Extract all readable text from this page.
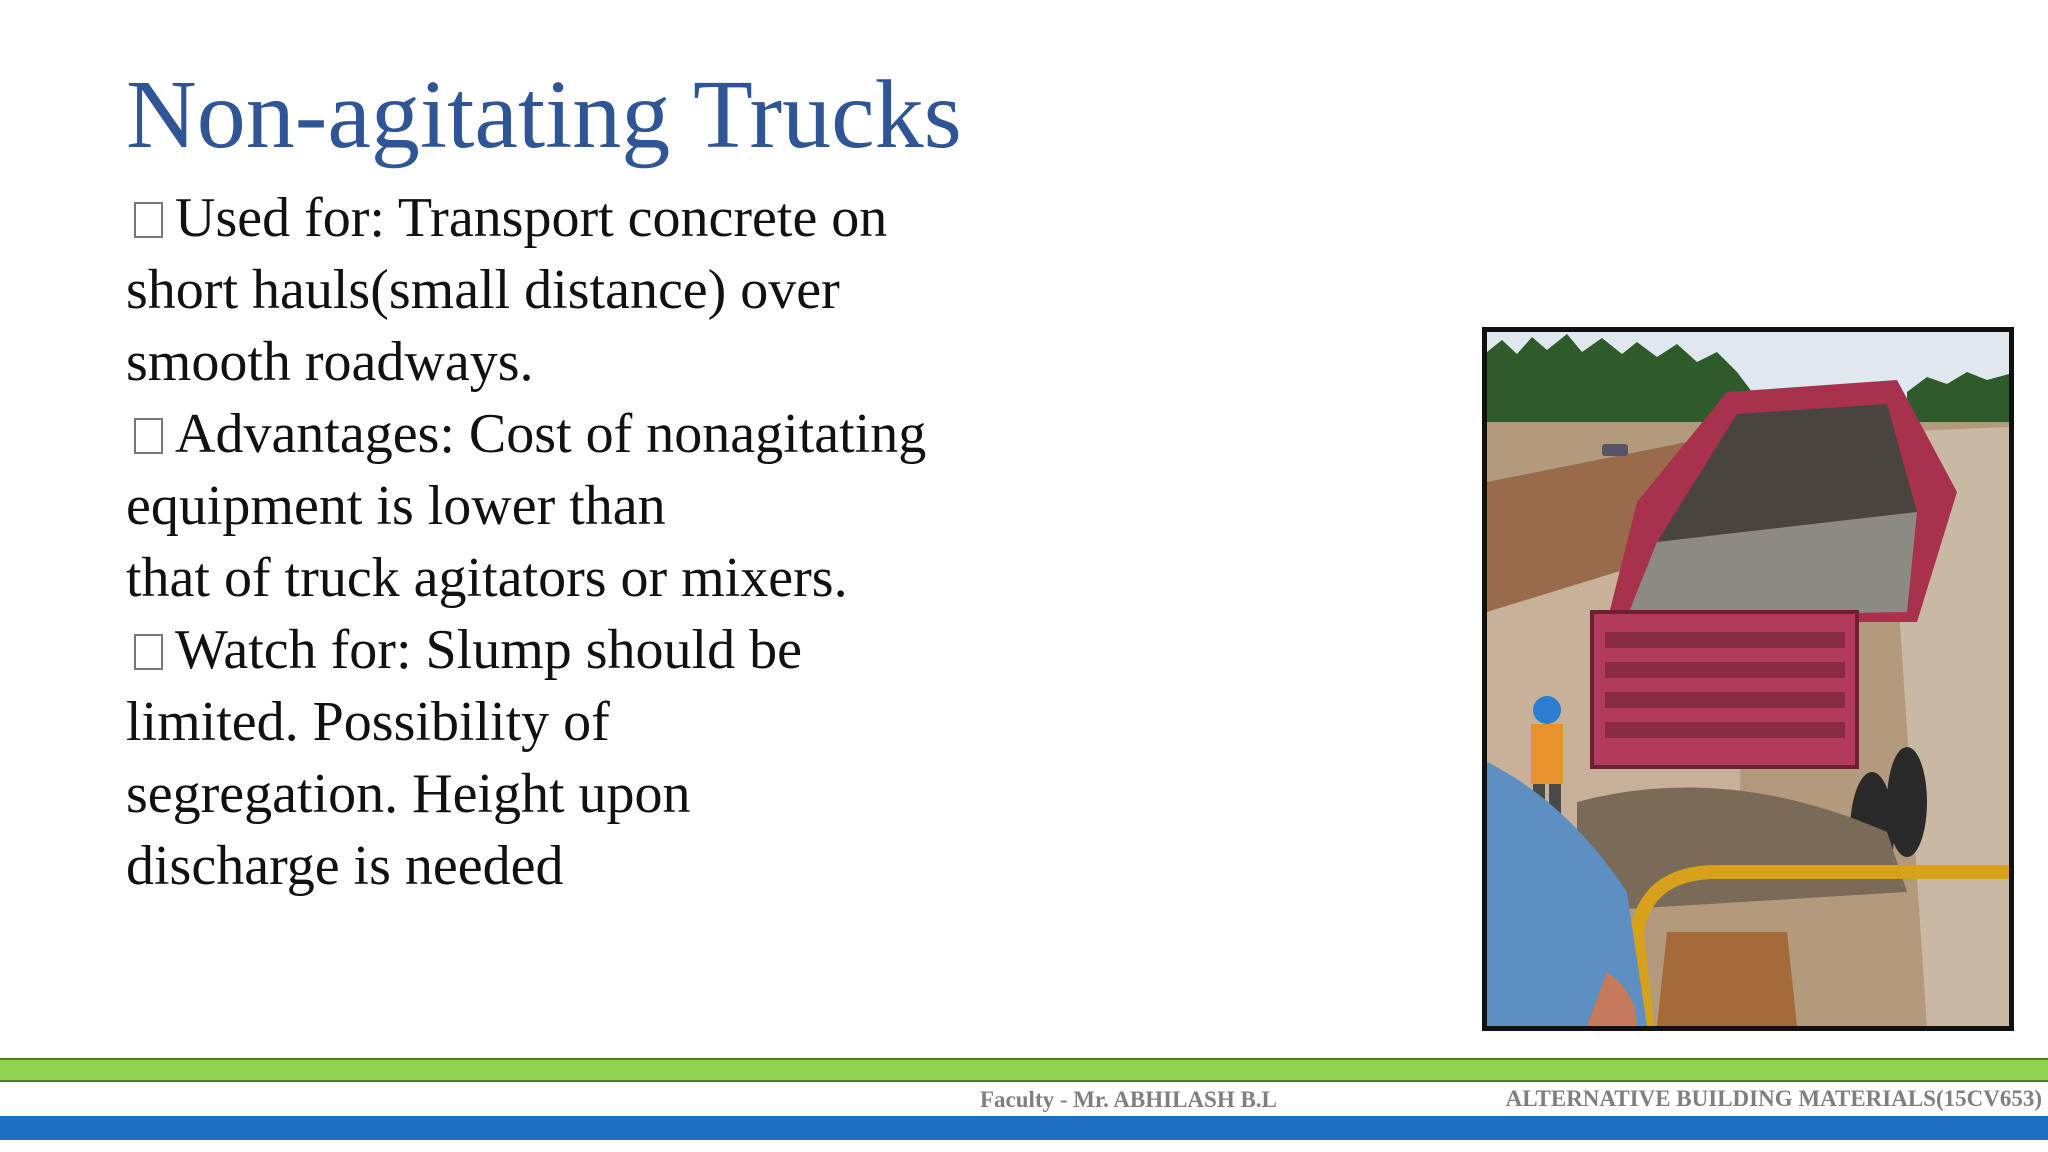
Non-agitating Trucks
Used for: Transport concrete on
short hauls(small distance) over
smooth roadways.
Advantages: Cost of nonagitating
equipment is lower than
that of truck agitators or mixers.
Watch for: Slump should be
limited. Possibility of
segregation. Height upon
discharge is needed
Faculty - Mr. ABHILASH B.L	ALTERNATIVE BUILDING MATERIALS(15CV653)
